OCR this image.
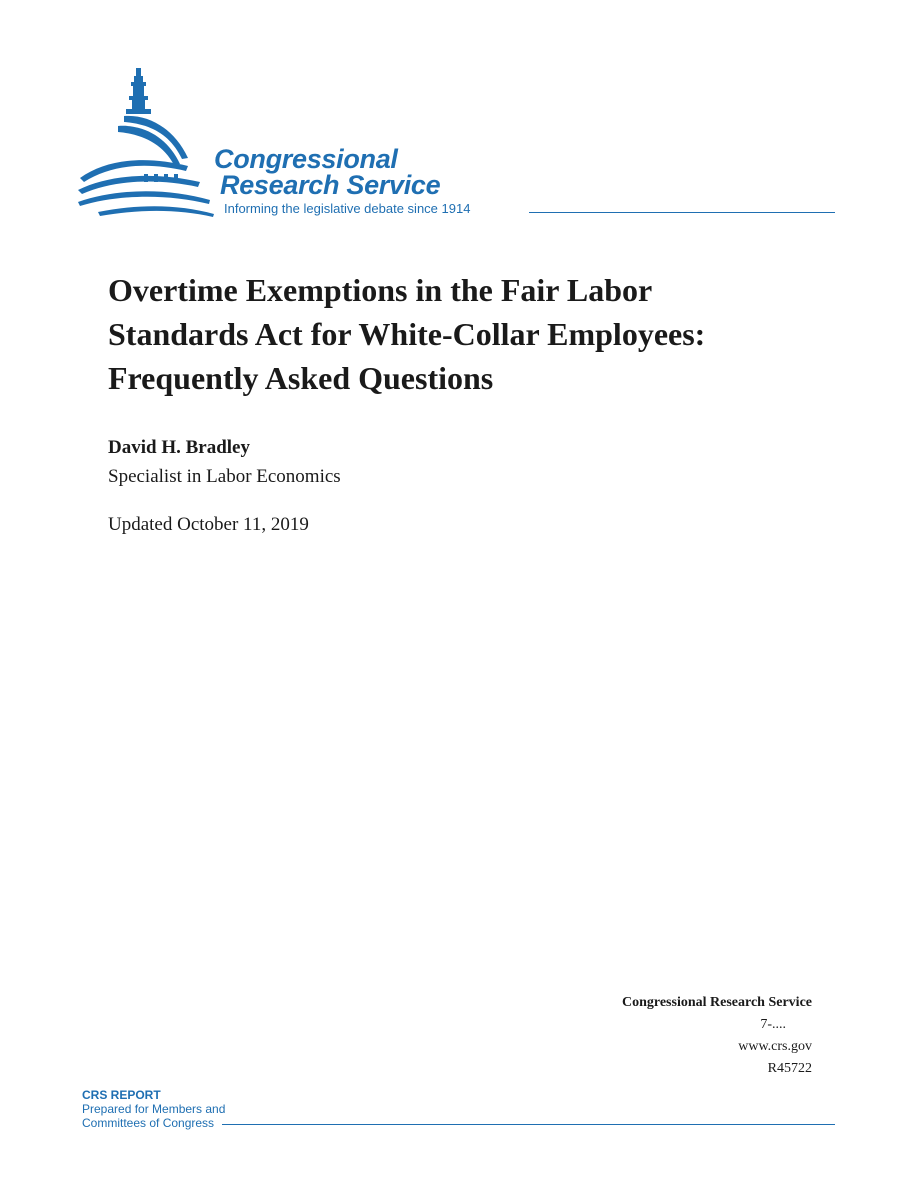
Congressional
Research Service
Informing the legislative debate since 1914
Overtime Exemptions in the Fair Labor
Standards Act for White-Collar Employees:
Frequently Asked Questions
David H. Bradley
Specialist in Labor Economics
Updated October 11, 2019
Congressional Research Service
7-....
www.crs.gov
R45722
CRS REPORT
Prepared for Members and
Committees of Congress
